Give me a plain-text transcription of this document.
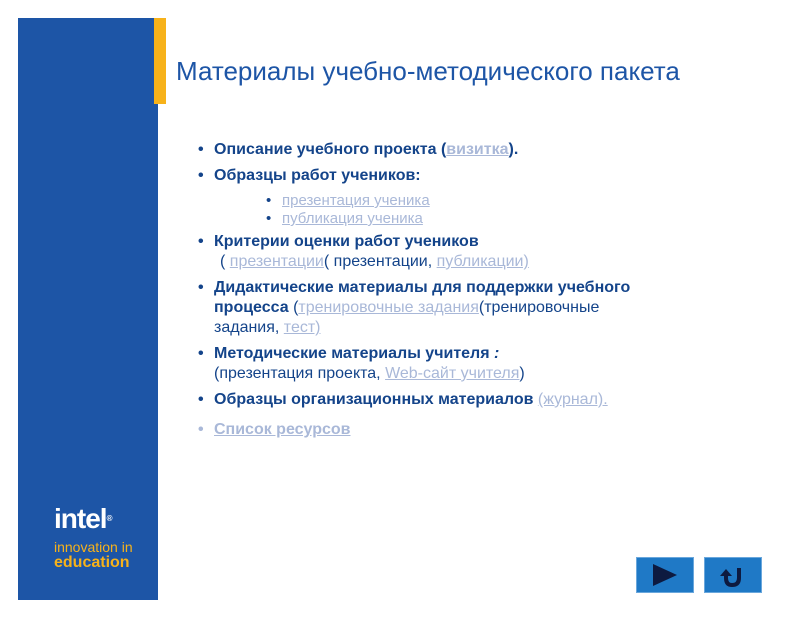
Материалы учебно-методического пакета
• Описание учебного проекта (визитка).
• Образцы работ учеников:
• презентация ученика
• публикация ученика
• Критерии оценки работ учеников
( презентации( презентации, публикации)
• Дидактические материалы для поддержки учебного
процесса (тренировочные задания(тренировочные
задания, тест)
• Методические материалы учителя :
(презентация проекта, Web-сайт учителя)
• Образцы организационных материалов (журнал).
• Список ресурсов
intel®
innovation in
education
